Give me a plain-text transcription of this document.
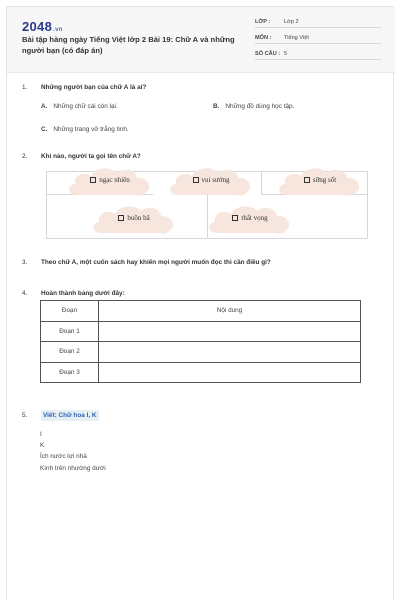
2048.vn
Bài tập hàng ngày Tiếng Việt lớp 2 Bài 19: Chữ A và những người bạn (có đáp án)
LỚP : Lớp 2
MÔN : Tiếng Việt
SỐ CÂU : 5
1. Những người bạn của chữ A là ai?
A. Những chữ cái còn lại.	B. Những đồ dùng học tập.
C. Những trang vở trắng tinh.
2. Khi nào, người ta gọi tên chữ A?
ngạc nhiên	vui sướng	sững sốt
buồn bã	thất vọng
3. Theo chữ A, một cuốn sách hay khiến mọi người muốn đọc thì cần điều gì?
4. Hoàn thành bảng dưới đây:
Đoạn	Nội dung
Đoạn 1	
Đoạn 2	
Đoạn 3	
5.	Viết: Chữ hoa I, K
I
K
Ích nước lợi nhà
Kính trên nhường dưới
